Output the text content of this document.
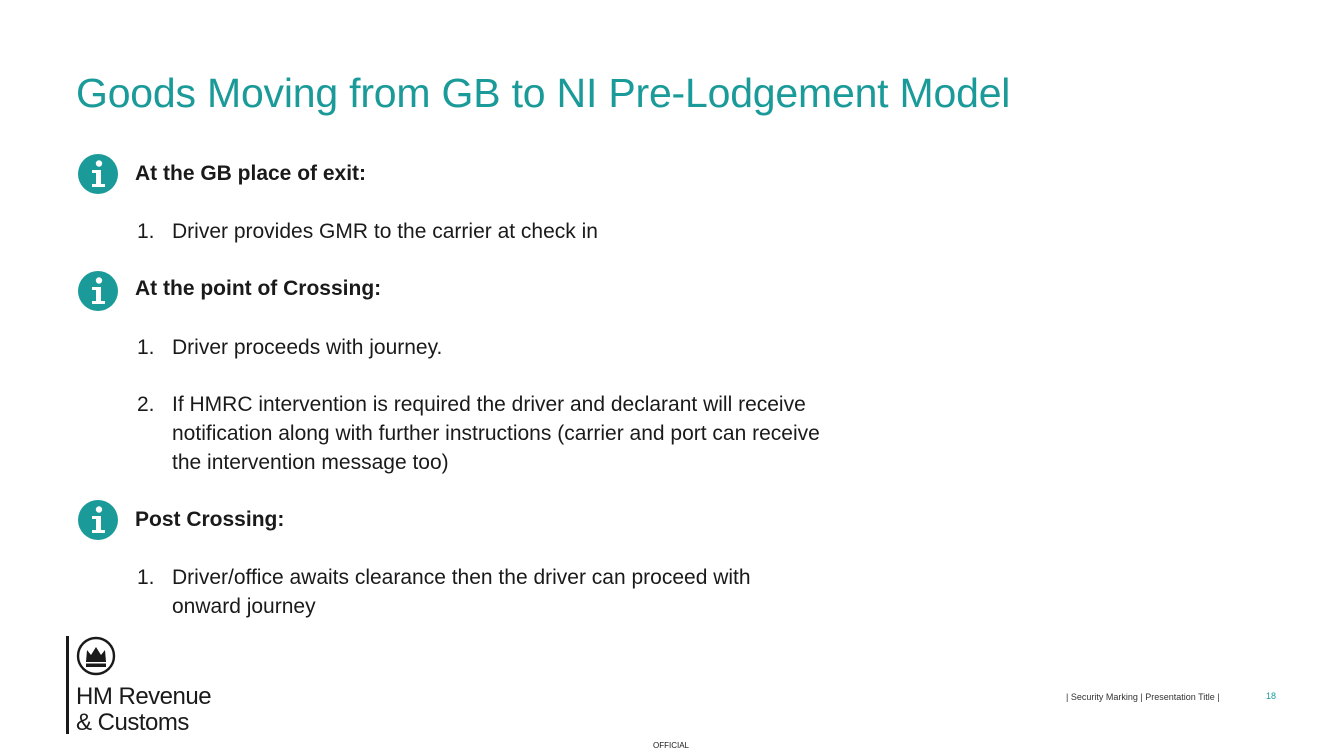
Goods Moving from GB to NI Pre-Lodgement Model
At the GB place of exit:
1. Driver provides GMR to the carrier at check in
At the point of Crossing:
1. Driver proceeds with journey.
2. If HMRC intervention is required the driver and declarant will receive
notification along with further instructions (carrier and port can receive
the intervention message too)
Post Crossing:
1. Driver/office awaits clearance then the driver can proceed with
onward journey
HM Revenue
& Customs
| Security Marking | Presentation Title |	18
OFFICIAL
